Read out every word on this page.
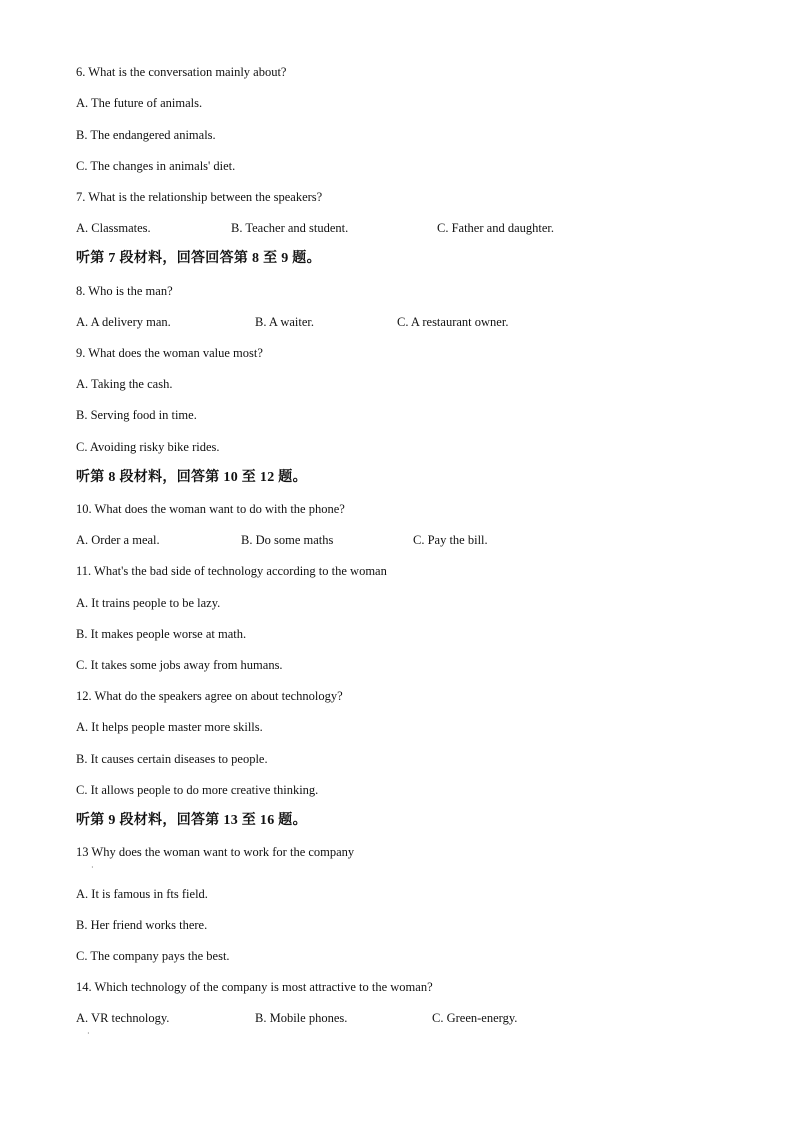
6. What is the conversation mainly about?
A. The future of animals.
B. The endangered animals.
C. The changes in animals' diet.
7. What is the relationship between the speakers?
A. Classmates.	B. Teacher and student.	C. Father and daughter.
听第 7 段材料，回答回答第 8 至 9 题。
8. Who is the man?
A. A delivery man.	B. A waiter.	C. A restaurant owner.
9. What does the woman value most?
A. Taking the cash.
B. Serving food in time.
C. Avoiding risky bike rides.
听第 8 段材料，回答第 10 至 12 题。
10. What does the woman want to do with the phone?
A. Order a meal.	B. Do some maths	C. Pay the bill.
11. What's the bad side of technology according to the woman
A. It trains people to be lazy.
B. It makes people worse at math.
C. It takes some jobs away from humans.
12. What do the speakers agree on about technology?
A. It helps people master more skills.
B. It causes certain diseases to people.
C. It allows people to do more creative thinking.
听第 9 段材料，回答第 13 至 16 题。
13 Why does the woman want to work for the company
·
A. It is famous in fts field.
B. Her friend works there.
C. The company pays the best.
14. Which technology of the company is most attractive to the woman?
A. VR technology.	B. Mobile phones.	C. Green-energy.
·
